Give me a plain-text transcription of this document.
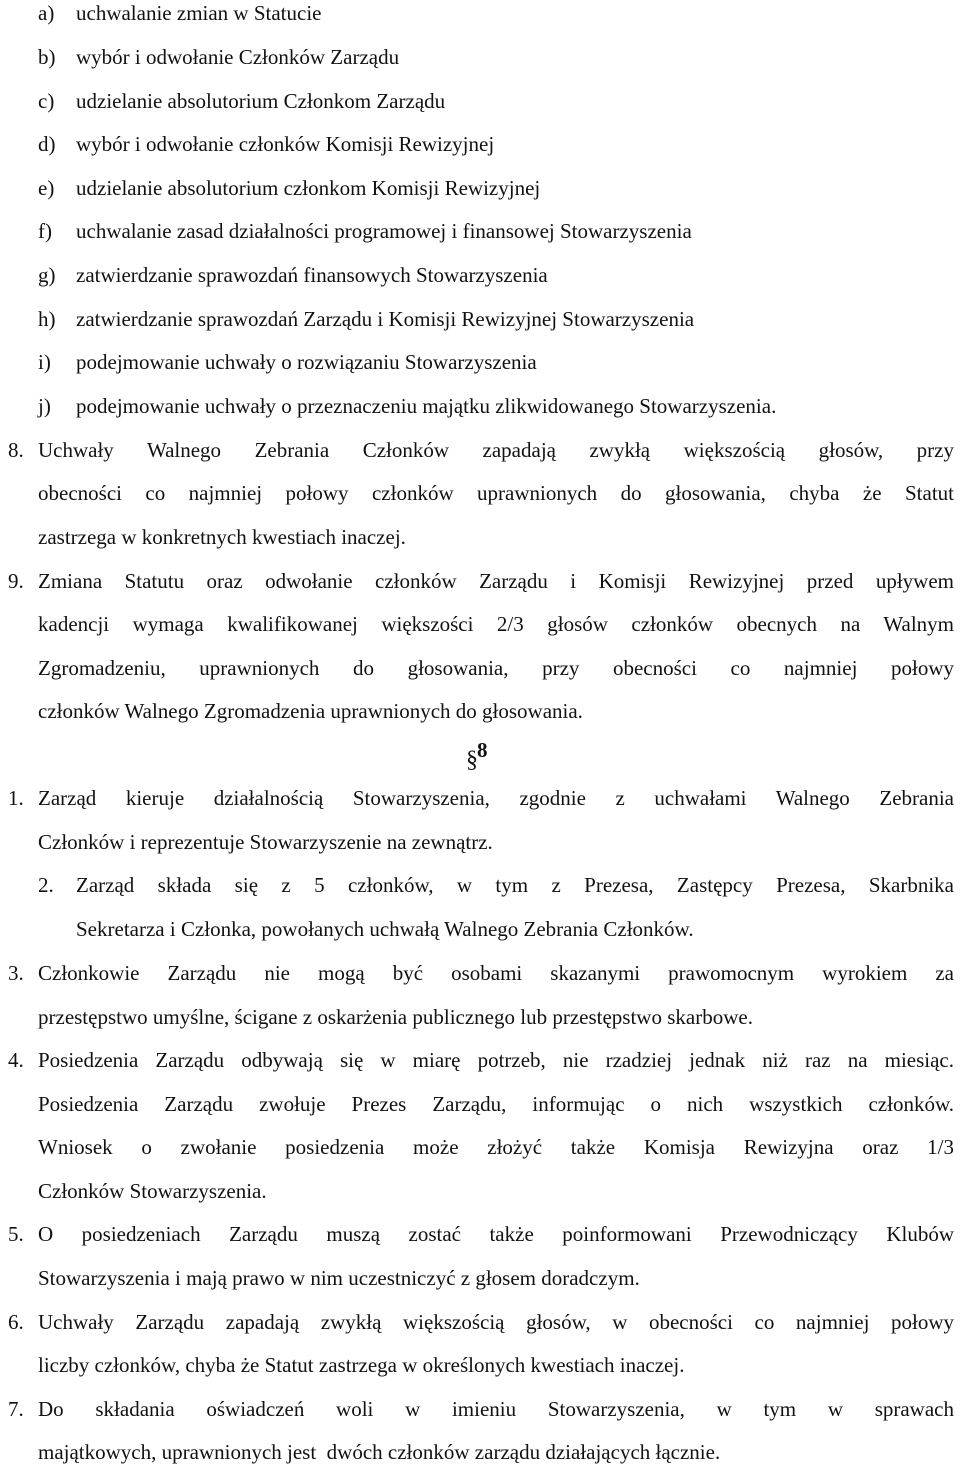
a) uchwalanie zmian w Statucie
b) wybór i odwołanie Członków Zarządu
c) udzielanie absolutorium Członkom Zarządu
d) wybór i odwołanie członków Komisji Rewizyjnej
e) udzielanie absolutorium członkom Komisji Rewizyjnej
f) uchwalanie zasad działalności programowej i finansowej Stowarzyszenia
g) zatwierdzanie sprawozdań finansowych Stowarzyszenia
h) zatwierdzanie sprawozdań Zarządu i Komisji Rewizyjnej Stowarzyszenia
i) podejmowanie uchwały o rozwiązaniu Stowarzyszenia
j) podejmowanie uchwały o przeznaczeniu majątku zlikwidowanego Stowarzyszenia.
8. Uchwały Walnego Zebrania Członków zapadają zwykłą większością głosów, przy
obecności co najmniej połowy członków uprawnionych do głosowania, chyba że Statut
zastrzega w konkretnych kwestiach inaczej.
9. Zmiana Statutu oraz odwołanie członków Zarządu i Komisji Rewizyjnej przed upływem
kadencji wymaga kwalifikowanej większości 2/3 głosów członków obecnych na Walnym
Zgromadzeniu, uprawnionych do głosowania, przy obecności co najmniej połowy
członków Walnego Zgromadzenia uprawnionych do głosowania.
§ 8
1. Zarząd kieruje działalnością Stowarzyszenia, zgodnie z uchwałami Walnego Zebrania
Członków i reprezentuje Stowarzyszenie na zewnątrz.
2. Zarząd składa się z 5 członków, w tym z Prezesa, Zastępcy Prezesa, Skarbnika
Sekretarza i Członka, powołanych uchwałą Walnego Zebrania Członków.
3. Członkowie Zarządu nie mogą być osobami skazanymi prawomocnym wyrokiem za
przestępstwo umyślne, ścigane z oskarżenia publicznego lub przestępstwo skarbowe.
4. Posiedzenia Zarządu odbywają się w miarę potrzeb, nie rzadziej jednak niż raz na miesiąc.
Posiedzenia Zarządu zwołuje Prezes Zarządu, informując o nich wszystkich członków.
Wniosek o zwołanie posiedzenia może złożyć także Komisja Rewizyjna oraz 1/3
Członków Stowarzyszenia.
5. O posiedzeniach Zarządu muszą zostać także poinformowani Przewodniczący Klubów
Stowarzyszenia i mają prawo w nim uczestniczyć z głosem doradczym.
6. Uchwały Zarządu zapadają zwykłą większością głosów, w obecności co najmniej połowy
liczby członków, chyba że Statut zastrzega w określonych kwestiach inaczej.
7. Do składania oświadczeń woli w imieniu Stowarzyszenia, w tym w sprawach
majątkowych, uprawnionych jest  dwóch członków zarządu działających łącznie.
